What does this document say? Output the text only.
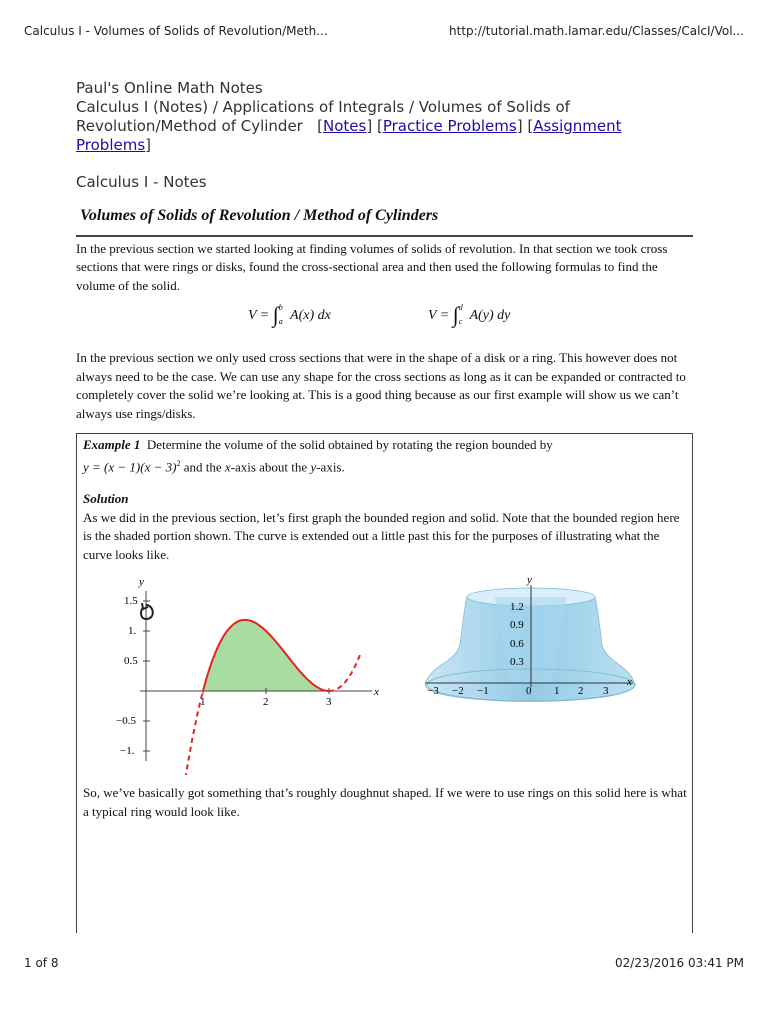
Calculus I - Volumes of Solids of Revolution/Meth...	http://tutorial.math.lamar.edu/Classes/CalcI/Vol...
Paul's Online Math Notes
Calculus I (Notes) / Applications of Integrals / Volumes of Solids of Revolution/Method of Cylinder [Notes] [Practice Problems] [Assignment Problems]
Calculus I - Notes
Volumes of Solids of Revolution / Method of Cylinders
In the previous section we started looking at finding volumes of solids of revolution. In that section we took cross sections that were rings or disks, found the cross-sectional area and then used the following formulas to find the volume of the solid.
V = ∫$^b_a$ A(x) dx	V = ∫$^d_c$ A(y) dy
In the previous section we only used cross sections that were in the shape of a disk or a ring. This however does not always need to be the case. We can use any shape for the cross sections as long as it can be expanded or contracted to completely cover the solid we’re looking at. This is a good thing because as our first example will show us we can’t always use rings/disks.
Example 1 Determine the volume of the solid obtained by rotating the region bounded by
$y = (x - 1)(x - 3)^2$ and the x-axis about the y-axis.
Solution
As we did in the previous section, let’s first graph the bounded region and solid. Note that the bounded region here is the shaded portion shown. The curve is extended out a little past this for the purposes of illustrating what the curve looks like.
So, we’ve basically got something that’s roughly doughnut shaped. If we were to use rings on this solid here is what a typical ring would look like.
y
x
1.5
1.
0.5
−0.5
−1.
1	2	3
y
x
1.2
0.9
0.6
0.3
−3 −2 −1	0 1 2 3
1 of 8	02/23/2016 03:41 PM
